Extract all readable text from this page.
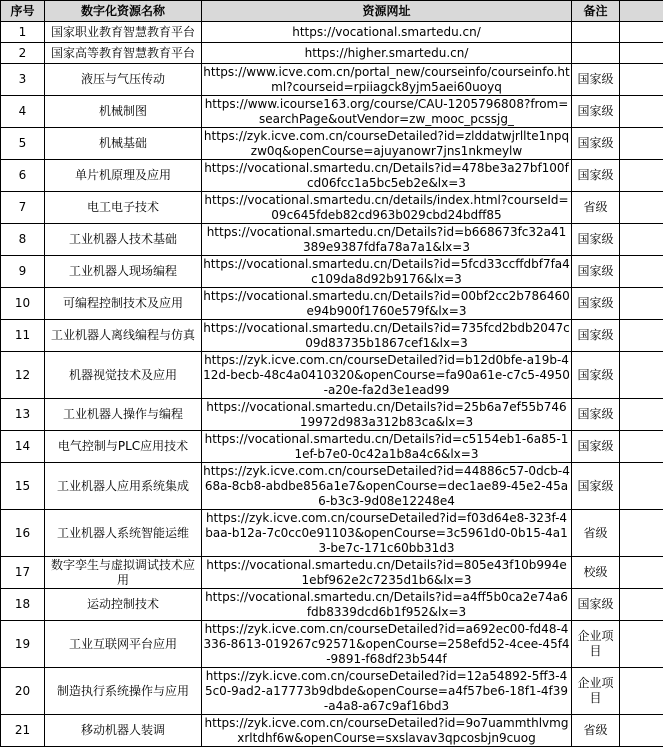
序号	数字化资源名称	资源网址	备注	
1	国家职业教育智慧教育平台	https://vocational.smartedu.cn/		
2	国家高等教育智慧教育平台	https://higher.smartedu.cn/		
3	液压与气压传动	https://www.icve.com.cn/portal_new/courseinfo/courseinfo.html?courseid=rpiiagck8yjm5aei60uoyq	国家级	
4	机械制图	https://www.icourse163.org/course/CAU-1205796808?from=searchPage&outVendor=zw_mooc_pcssjg_	国家级	
5	机械基础	https://zyk.icve.com.cn/courseDetailed?id=zlddatwjrllte1npqzw0q&openCourse=ajuyanowr7jns1nkmeylw	国家级	
6	单片机原理及应用	https://vocational.smartedu.cn/Details?id=478be3a27bf100fcd06fcc1a5bc5eb2e&lx=3	国家级	
7	电工电子技术	https://vocational.smartedu.cn/details/index.html?courseId=09c645fdeb82cd963b029cbd24bdff85	省级	
8	工业机器人技术基础	https://vocational.smartedu.cn/Details?id=b668673fc32a41389e9387fdfa78a7a1&lx=3	国家级	
9	工业机器人现场编程	https://vocational.smartedu.cn/Details?id=5fcd33ccffdbf7fa4c109da8d92b9176&lx=3	国家级	
10	可编程控制技术及应用	https://vocational.smartedu.cn/Details?id=00bf2cc2b786460e94b900f1760e579f&lx=3	国家级	
11	工业机器人离线编程与仿真	https://vocational.smartedu.cn/Details?id=735fcd2bdb2047c09d83735b1867cef1&lx=3	国家级	
12	机器视觉技术及应用	https://zyk.icve.com.cn/courseDetailed?id=b12d0bfe-a19b-412d-becb-48c4a0410320&openCourse=fa90a61e-c7c5-4950-a20e-fa2d3e1ead99	国家级	
13	工业机器人操作与编程	https://vocational.smartedu.cn/Details?id=25b6a7ef55b74619972d983a312b83ca&lx=3	国家级	
14	电气控制与PLC应用技术	https://vocational.smartedu.cn/Details?id=c5154eb1-6a85-11ef-b7e0-0c42a1b8a4c6&lx=3	国家级	
15	工业机器人应用系统集成	https://zyk.icve.com.cn/courseDetailed?id=44886c57-0dcb-468a-8cb8-abdbe856a1e7&openCourse=dec1ae89-45e2-45a6-b3c3-9d08e12248e4	国家级	
16	工业机器人系统智能运维	https://zyk.icve.com.cn/courseDetailed?id=f03d64e8-323f-4baa-b12a-7c0cc0e91103&openCourse=3c5961d0-0b15-4a13-be7c-171c60bb31d3	省级	
17	数字孪生与虚拟调试技术应用	https://vocational.smartedu.cn/Details?id=805e43f10b994e1ebf962e2c7235d1b6&lx=3	校级	
18	运动控制技术	https://vocational.smartedu.cn/Details?id=a4ff5b0ca2e74a6fdb8339dcd6b1f952&lx=3	国家级	
19	工业互联网平台应用	https://zyk.icve.com.cn/courseDetailed?id=a692ec00-fd48-4336-8613-019267c92571&openCourse=258efd52-4cee-45f4-9891-f68df23b544f	企业项目	
20	制造执行系统操作与应用	https://zyk.icve.com.cn/courseDetailed?id=12a54892-5ff3-45c0-9ad2-a17773b9dbde&openCourse=a4f57be6-18f1-4f39-a4a8-a67c9af16bd3	企业项目	
21	移动机器人装调	https://zyk.icve.com.cn/courseDetailed?id=9o7uammthlvmgxrltdhf6w&openCourse=sxslavav3qpcosbjn9cuog	省级	
